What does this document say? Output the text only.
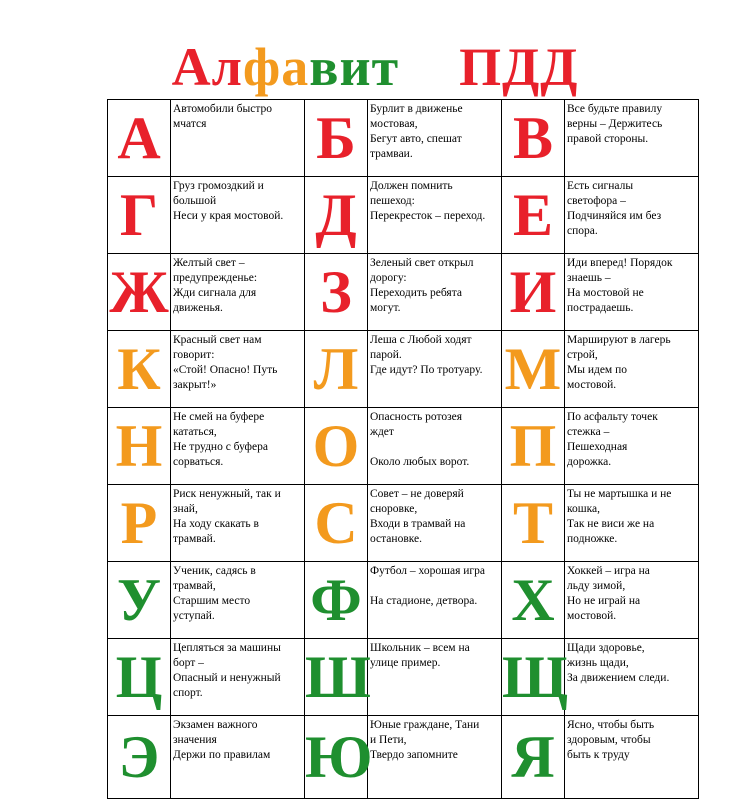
Алфавит ПДД
А	Автомобили быстро
мчатся	Б	Бурлит в движенье
мостовая,
Бегут авто, спешат
трамваи.	В	Все будьте правилу
верны – Держитесь
правой стороны.

Г	Груз громоздкий и
большой
Неси у края мостовой.	Д	Должен помнить
пешеход:
Перекресток – переход.	Е	Есть сигналы
светофора –
Подчиняйся им без
спора.

Ж	Желтый свет –
предупрежденье:
Жди сигнала для
движенья.	З	Зеленый свет открыл
дорогу:
Переходить ребята
могут.	И	Иди вперед! Порядок
знаешь –
На мостовой не
пострадаешь.

К	Красный свет нам
говорит:
«Стой! Опасно! Путь
закрыт!»	Л	Леша с Любой ходят
парой.
Где идут? По тротуару.	М	Маршируют в лагерь
строй,
Мы идем по
мостовой.

Н	Не смей на буфере
кататься,
Не трудно с буфера
сорваться.	О	Опасность ротозея
ждет
Около любых ворот.	П	По асфальту точек
стежка –
Пешеходная
дорожка.

Р	Риск ненужный, так и
знай,
На ходу скакать в
трамвай.	С	Совет – не доверяй
сноровке,
Входи в трамвай на
остановке.	Т	Ты не мартышка и не
кошка,
Так не виси же на
подножке.

У	Ученик, садясь в
трамвай,
Старшим место
уступай.	Ф	Футбол – хорошая игра
На стадионе, детвора.	Х	Хоккей – игра на
льду зимой,
Но не играй на
мостовой.

Ц	Цепляться за машины
борт –
Опасный и ненужный
спорт.	Ш	Школьник – всем на
улице пример.	Щ	Щади здоровье,
жизнь щади,
За движением следи.

Э	Экзамен важного
значения
Держи по правилам	Ю	Юные граждане, Тани
и Пети,
Твердо запомните	Я	Ясно, чтобы быть
здоровым, чтобы
быть к труду
